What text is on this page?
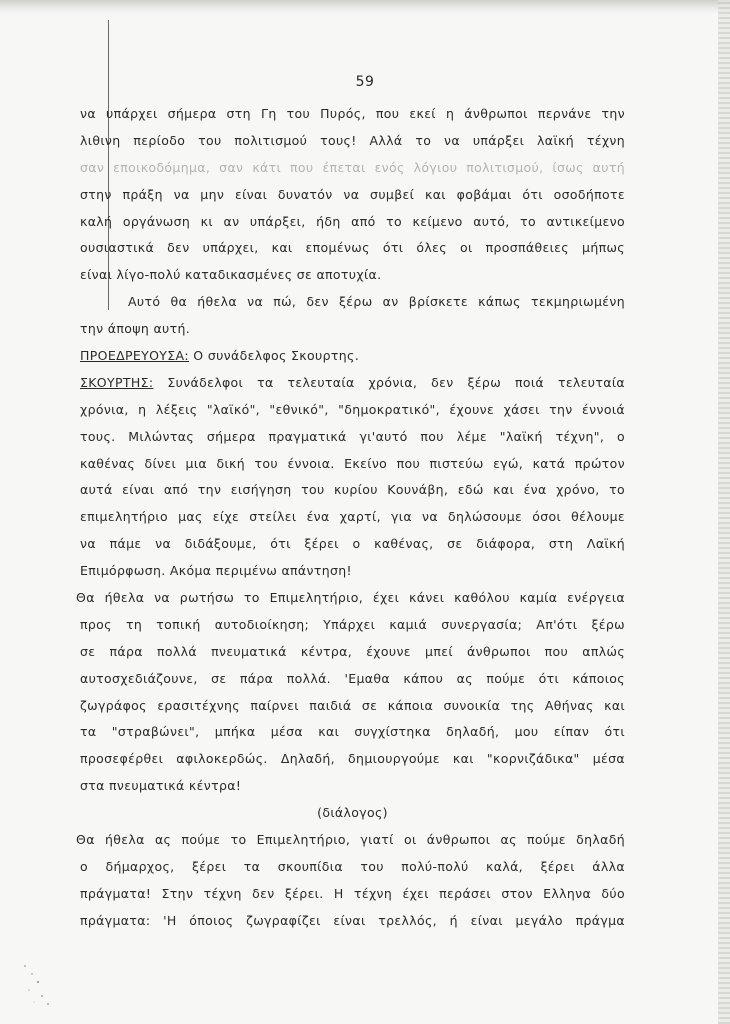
59
να υπάρχει σήμερα στη Γη του Πυρός, που εκεί η άνθρωποι περνάνε την
λιθινη περίοδο του πολιτισμού τους! Αλλά το να υπάρξει λαϊκή τέχνη
σαν εποικοδόμημα, σαν κάτι που έπεται ενός λόγιου πολιτισμού, ίσως αυτή
στην πράξη να μην είναι δυνατόν να συμβεί και φοβάμαι ότι οσοδήποτε
καλή οργάνωση κι αν υπάρξει, ήδη από το κείμενο αυτό, το αντικείμενο
ουσιαστικά δεν υπάρχει, και επομένως ότι όλες οι προσπάθειες μήπως
είναι λίγο-πολύ καταδικασμένες σε αποτυχία.
Αυτό θα ήθελα να πώ, δεν ξέρω αν βρίσκετε κάπως τεκμηριωμένη
την άποψη αυτή.
ΠΡΟΕΔΡΕΥΟΥΣΑ: Ο συνάδελφος Σκουρτης.
ΣΚΟΥΡΤΗΣ: Συνάδελφοι τα τελευταία χρόνια, δεν ξέρω ποιά τελευταία
χρόνια, η λέξεις "λαϊκό", "εθνικό", "δημοκρατικό", έχουνε χάσει την έννοιά
τους. Μιλώντας σήμερα πραγματικά γι'αυτό που λέμε "λαϊκή τέχνη", ο
καθένας δίνει μια δική του έννοια. Εκείνο που πιστεύω εγώ, κατά πρώτον
αυτά είναι από την εισήγηση του κυρίου Κουνάβη, εδώ και ένα χρόνο, το
επιμελητήριο μας είχε στείλει ένα χαρτί, για να δηλώσουμε όσοι θέλουμε
να πάμε να διδάξουμε, ότι ξέρει ο καθένας, σε διάφορα, στη Λαϊκή
Επιμόρφωση. Ακόμα περιμένω απάντηση!
Θα ήθελα να ρωτήσω το Επιμελητήριο, έχει κάνει καθόλου καμία ενέργεια
προς τη τοπική αυτοδιοίκηση; Υπάρχει καμιά συνεργασία; Απ'ότι ξέρω
σε πάρα πολλά πνευματικά κέντρα, έχουνε μπεί άνθρωποι που απλώς
αυτοσχεδιάζουνε, σε πάρα πολλά. 'Εμαθα κάπου ας πούμε ότι κάποιος
ζωγράφος ερασιτέχνης παίρνει παιδιά σε κάποια συνοικία της Αθήνας και
τα "στραβώνει", μπήκα μέσα και συγχίστηκα δηλαδή, μου είπαν ότι
προσεφέρθει αφιλοκερδώς. Δηλαδή, δημιουργούμε και "κορνιζάδικα" μέσα
στα πνευματικά κέντρα!
(διάλογος)
Θα ήθελα ας πούμε το Επιμελητήριο, γιατί οι άνθρωποι ας πούμε δηλαδή
ο δήμαρχος, ξέρει τα σκουπίδια του πολύ-πολύ καλά, ξέρει άλλα
πράγματα! Στην τέχνη δεν ξέρει. Η τέχνη έχει περάσει στον Ελληνα δύο
πράγματα: 'Η όποιος ζωγραφίζει είναι τρελλός, ή είναι μεγάλο πράγμα
